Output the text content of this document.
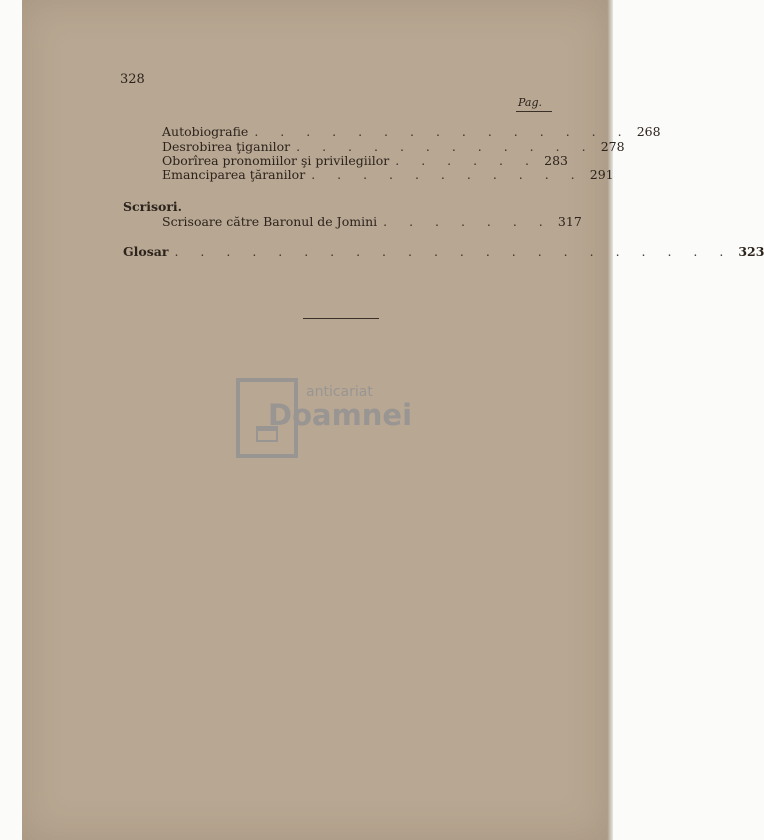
328
Pag.
Autobiografie . . . . . . . . . . . . . . . 268
Desrobirea ţiganilor . . . . . . . . . . . . 278
Oborîrea pronomiilor şi privilegiilor . . . . . . 283
Emanciparea ţăranilor . . . . . . . . . . . 291
Scrisori.
Scrisoare către Baronul de Jomini . . . . . . . 317
Glosar . . . . . . . . . . . . . . . . . . . . . . 323
anticariat
Doamnei
